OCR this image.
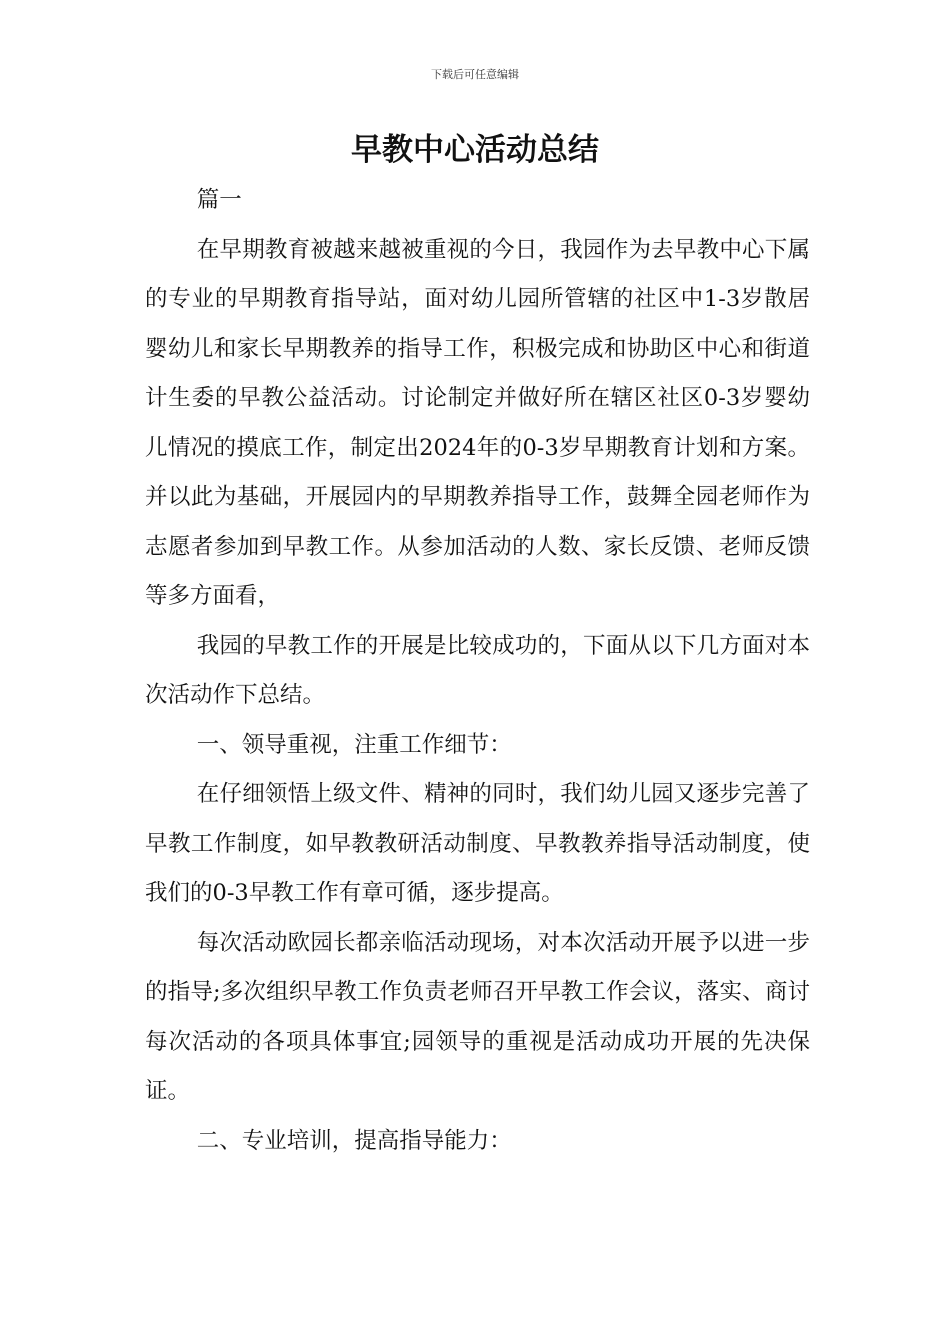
下载后可任意编辑
早教中心活动总结

篇一

在早期教育被越来越被重视的今日，我园作为去早教中心下属的专业的早期教育指导站，面对幼儿园所管辖的社区中1-3岁散居婴幼儿和家长早期教养的指导工作，积极完成和协助区中心和街道计生委的早教公益活动。讨论制定并做好所在辖区社区0-3岁婴幼儿情况的摸底工作，制定出2024年的0-3岁早期教育计划和方案。并以此为基础，开展园内的早期教养指导工作，鼓舞全园老师作为志愿者参加到早教工作。从参加活动的人数、家长反馈、老师反馈等多方面看，

我园的早教工作的开展是比较成功的，下面从以下几方面对本次活动作下总结。

一、领导重视，注重工作细节：

在仔细领悟上级文件、精神的同时，我们幼儿园又逐步完善了早教工作制度，如早教教研活动制度、早教教养指导活动制度，使我们的0-3早教工作有章可循，逐步提高。

每次活动欧园长都亲临活动现场，对本次活动开展予以进一步的指导;多次组织早教工作负责老师召开早教工作会议，落实、商讨每次活动的各项具体事宜;园领导的重视是活动成功开展的先决保证。

二、专业培训，提高指导能力：
